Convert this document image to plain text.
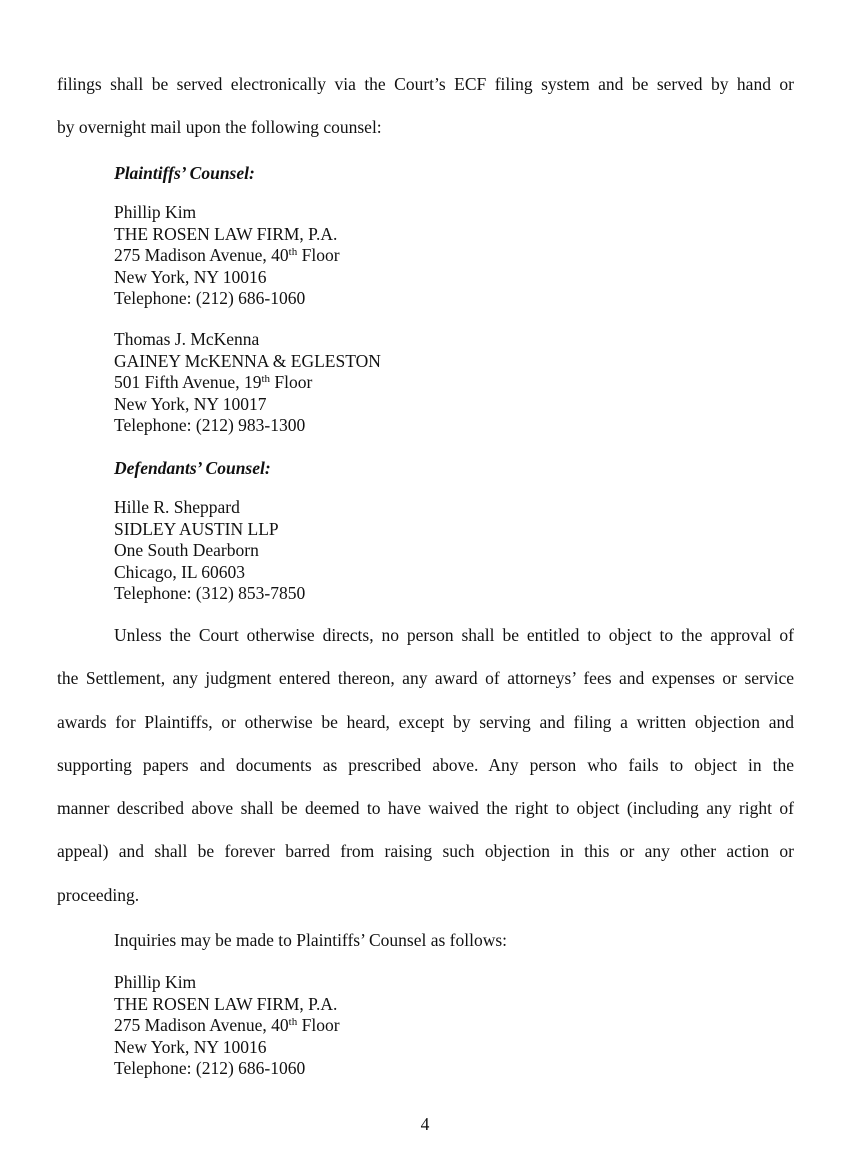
filings shall be served electronically via the Court’s ECF filing system and be served by hand or
by overnight mail upon the following counsel:

Plaintiffs’ Counsel:

Phillip Kim
THE ROSEN LAW FIRM, P.A.
275 Madison Avenue, 40th Floor
New York, NY 10016
Telephone: (212) 686-1060
Thomas J. McKenna
GAINEY McKENNA & EGLESTON
501 Fifth Avenue, 19th Floor
New York, NY 10017
Telephone: (212) 983-1300

Defendants’ Counsel:

Hille R. Sheppard
SIDLEY AUSTIN LLP
One South Dearborn
Chicago, IL 60603
Telephone: (312) 853-7850

Unless the Court otherwise directs, no person shall be entitled to object to the approval of
the Settlement, any judgment entered thereon, any award of attorneys’ fees and expenses or service
awards for Plaintiffs, or otherwise be heard, except by serving and filing a written objection and
supporting papers and documents as prescribed above. Any person who fails to object in the
manner described above shall be deemed to have waived the right to object (including any right of
appeal) and shall be forever barred from raising such objection in this or any other action or
proceeding.

Inquiries may be made to Plaintiffs’ Counsel as follows:

Phillip Kim
THE ROSEN LAW FIRM, P.A.
275 Madison Avenue, 40th Floor
New York, NY 10016
Telephone: (212) 686-1060
4
